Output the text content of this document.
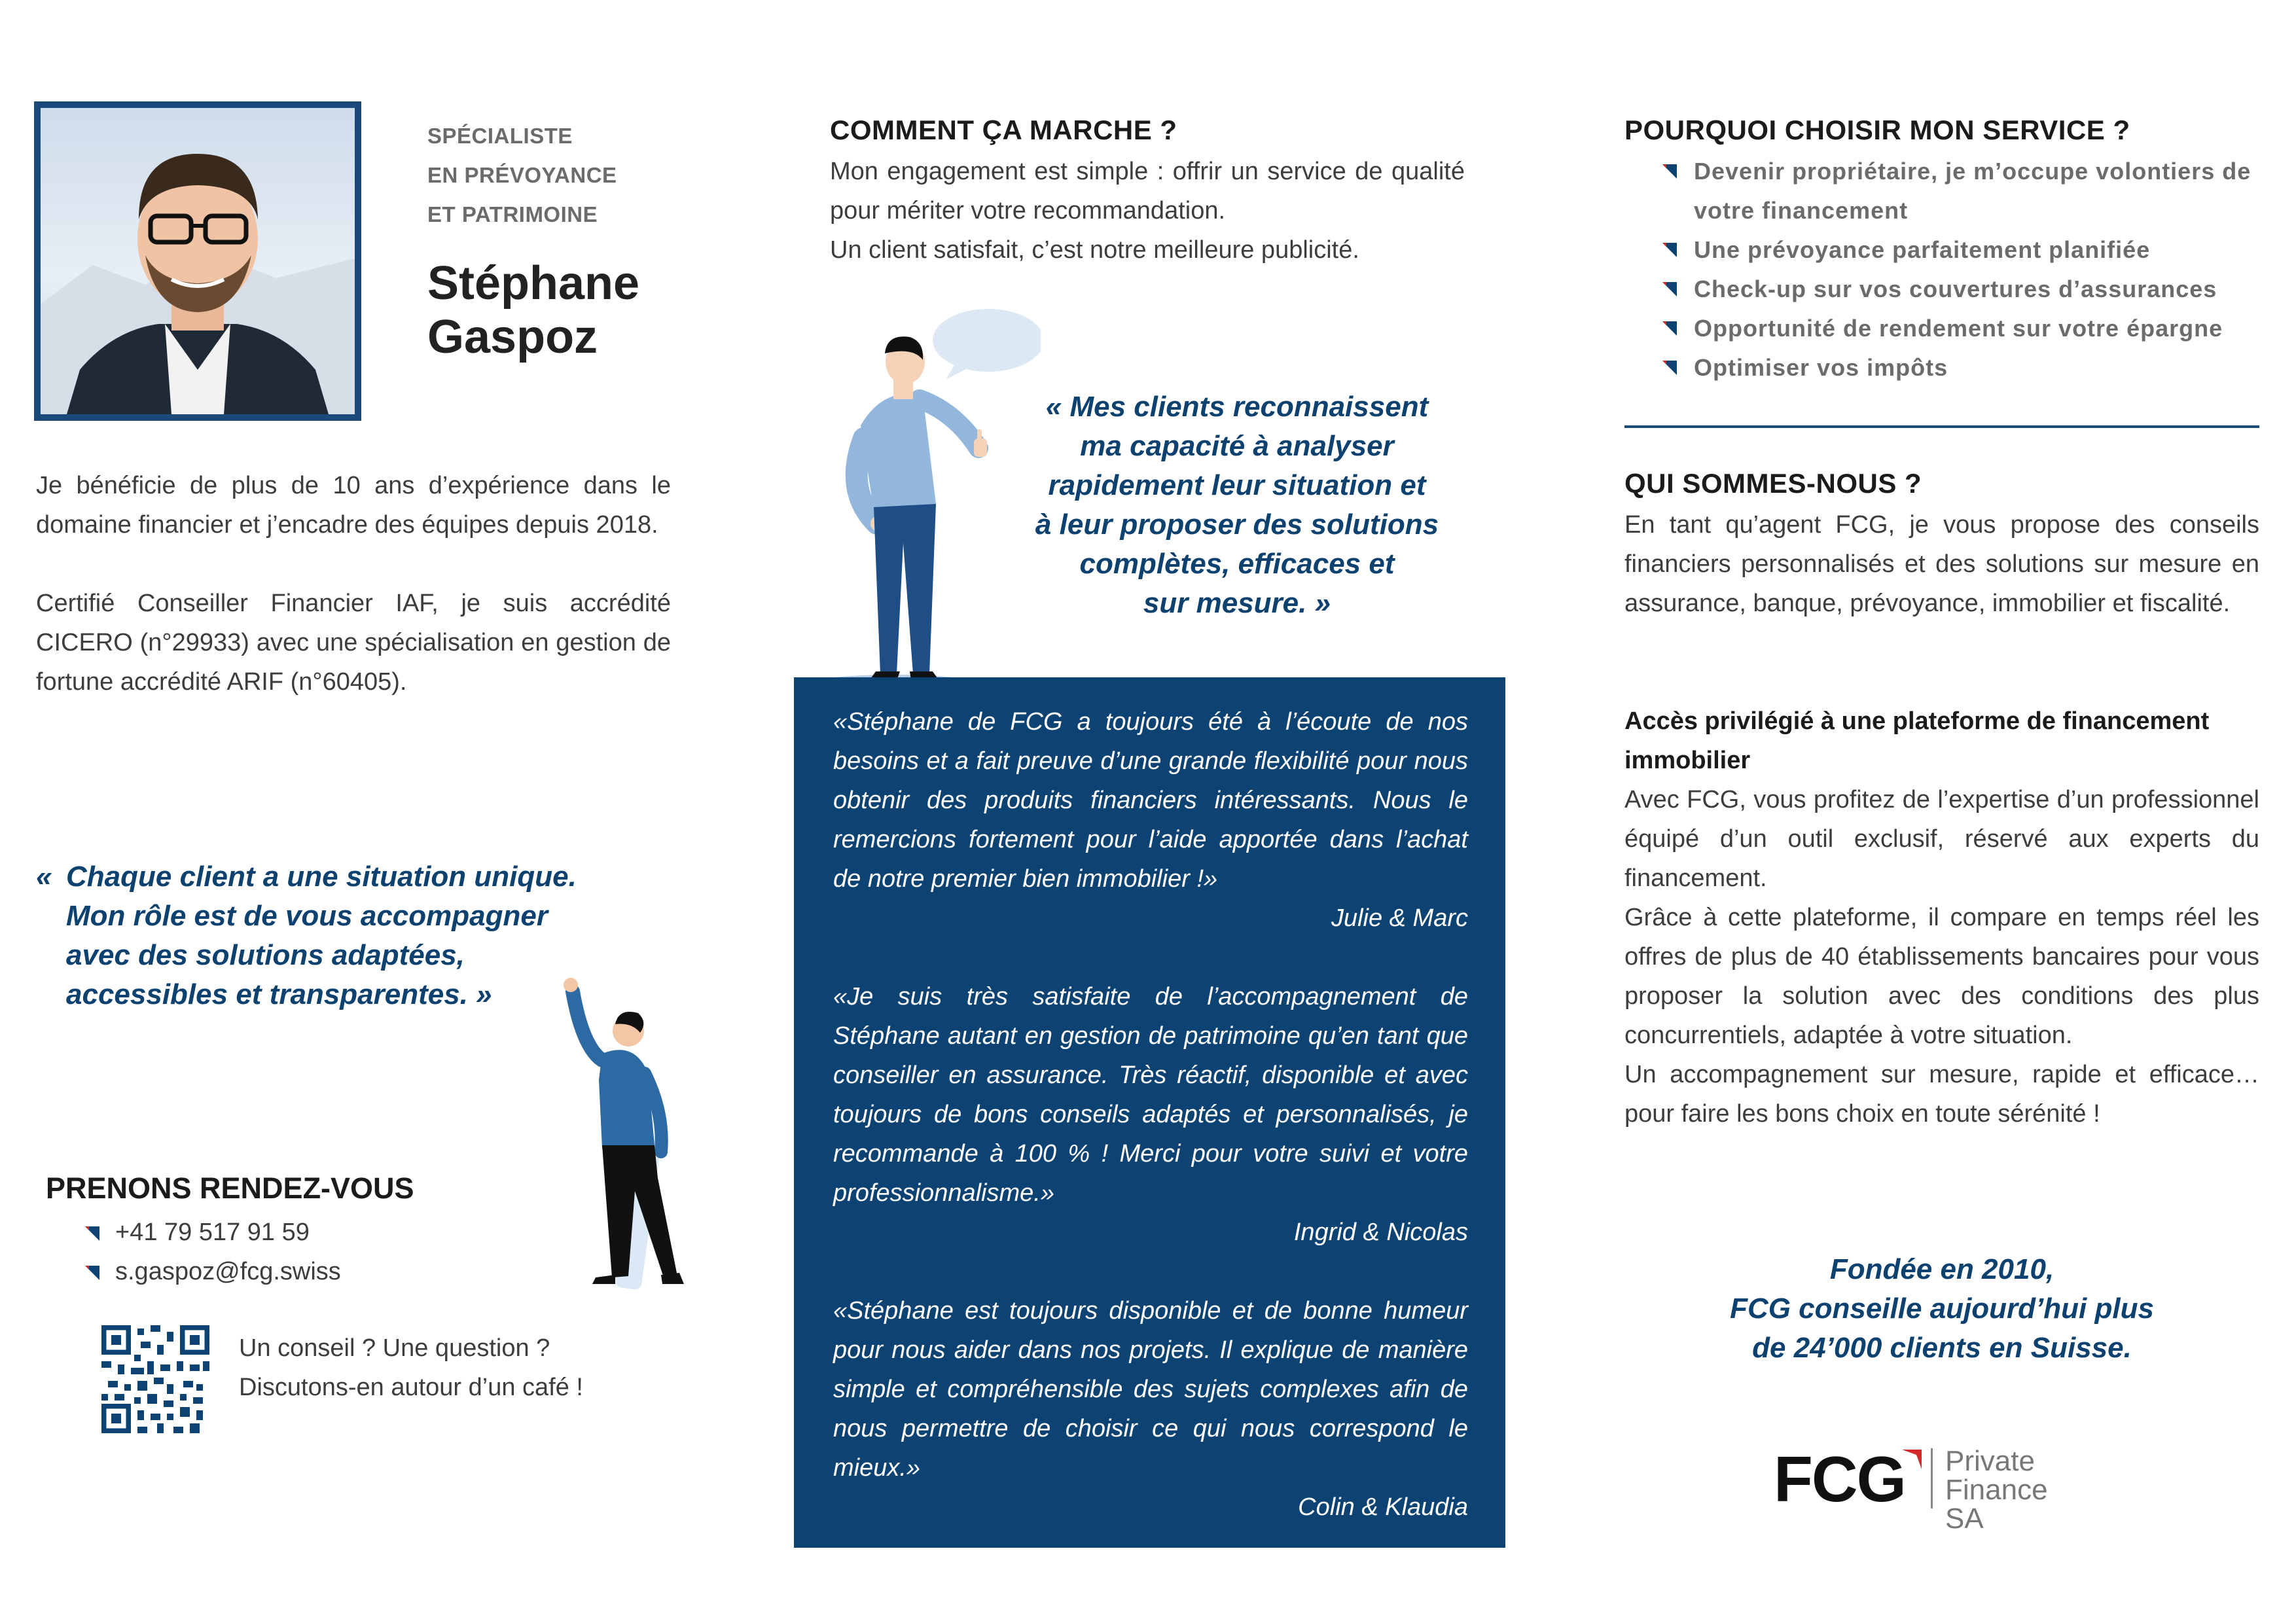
SPÉCIALISTE
EN PRÉVOYANCE
ET PATRIMOINE
Stéphane
Gaspoz

Je bénéficie de plus de 10 ans d’expérience dans le domaine financier et j’encadre des équipes depuis 2018.

Certifié Conseiller Financier IAF, je suis accrédité CICERO (n°29933) avec une spécialisation en gestion de fortune accrédité ARIF (n°60405).

« Chaque client a une situation unique.
Mon rôle est de vous accompagner
avec des solutions adaptées,
accessibles et transparentes. »
PRENONS RENDEZ-VOUS
+41 79 517 91 59
s.gaspoz@fcg.swiss
Un conseil ? Une question ?
Discutons-en autour d’un café !
COMMENT ÇA MARCHE ?
Mon engagement est simple : offrir un service de qualité pour mériter votre recommandation.
Un client satisfait, c’est notre meilleure publicité.
« Mes clients reconnaissent
ma capacité à analyser
rapidement leur situation et
à leur proposer des solutions
complètes, efficaces et
sur mesure. »

«Stéphane de FCG a toujours été à l’écoute de nos besoins et a fait preuve d’une grande flexibilité pour nous obtenir des produits financiers intéressants. Nous le remercions fortement pour l’aide apportée dans l’achat de notre premier bien immobilier !»

Julie & Marc

«Je suis très satisfaite de l’accompagnement de Stéphane autant en gestion de patrimoine qu’en tant que conseiller en assurance. Très réactif, disponible et avec toujours de bons conseils adaptés et personnalisés, je recommande à 100 % ! Merci pour votre suivi et votre professionnalisme.»

Ingrid & Nicolas

«Stéphane est toujours disponible et de bonne humeur pour nous aider dans nos projets. Il explique de manière simple et compréhensible des sujets complexes afin de nous permettre de choisir ce qui nous correspond le mieux.»

Colin & Klaudia

POURQUOI CHOISIR MON SERVICE ?
Devenir propriétaire, je m’occupe volontiers de votre financement
Une prévoyance parfaitement planifiée
Check-up sur vos couvertures d’assurances
Opportunité de rendement sur votre épargne
Optimiser vos impôts
QUI SOMMES-NOUS ?
En tant qu’agent FCG, je vous propose des conseils financiers personnalisés et des solutions sur mesure en assurance, banque, prévoyance, immobilier et fiscalité.
Accès privilégié à une plateforme de financement immobilier

Avec FCG, vous profitez de l’expertise d’un professionnel équipé d’un outil exclusif, réservé aux experts du financement.

Grâce à cette plateforme, il compare en temps réel les offres de plus de 40 établissements bancaires pour vous proposer la solution avec des conditions des plus concurrentiels, adaptée à votre situation.

Un accompagnement sur mesure, rapide et efficace… pour faire les bons choix en toute sérénité !

Fondée en 2010,
FCG conseille aujourd’hui plus
de 24’000 clients en Suisse.
FCG Private
Finance SA
